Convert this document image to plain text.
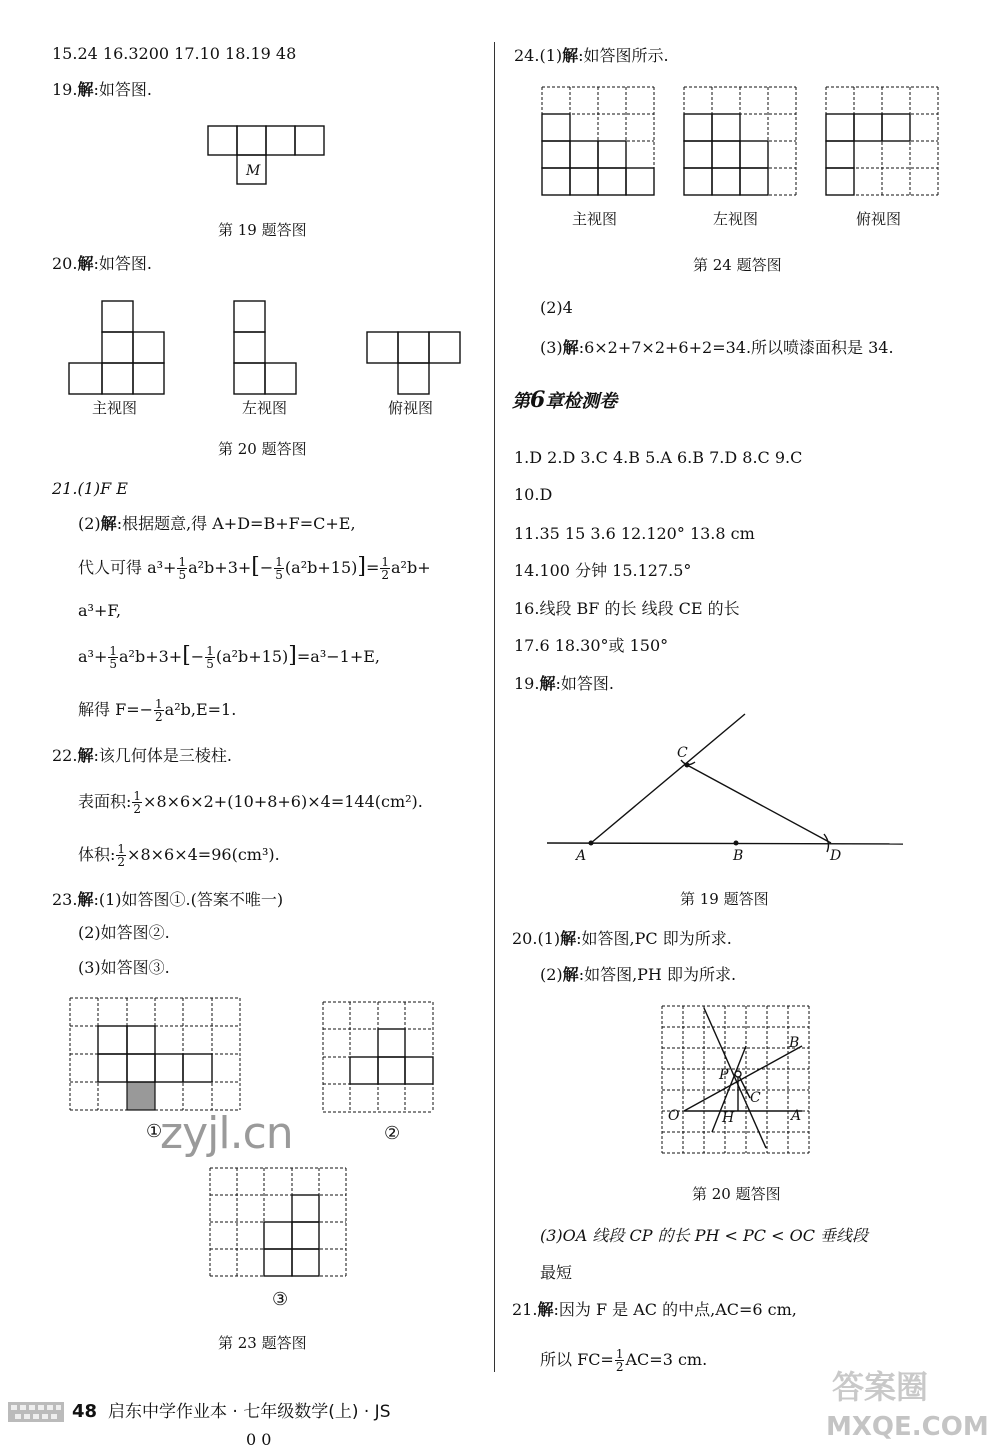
15.24 16.3200 17.10 18.19 48
19.解:如答图.
M
第 19 题答图
20.解:如答图.
主视图	左视图	俯视图
第 20 题答图
21.(1)F E
(2)解:根据题意,得 A+D=B+F=C+E,
代人可得 $a^3+ \frac{1}{5} a^2b+3+[- \frac{1}{5} (a^2b+15)]= \frac{1}{2} a^2b+$
a³+F,
$a^3+ \frac{1}{5} a^2b+3+[- \frac{1}{5} (a^2b+15)]=a^3-1+E$,
解得 $F=- \frac{1}{2} a^2b,E=1$.
22.解:该几何体是三棱柱.
表面积: $\frac{1}{2} \times 8\times 6\times 2+(10+8+6)\times 4=144(cm^2)$.
体积: $\frac{1}{2} \times 8\times 6\times 4=96(cm^3)$.
23.解:(1)如答图①.(答案不唯一)
(2)如答图②.
(3)如答图③.
①	②
③
第 23 题答图
zyjl.cn
24.(1)解:如答图所示.
主视图	左视图	俯视图
第 24 题答图
(2)4
(3)解:6×2+7×2+6+2=34.所以喷漆面积是 34.
第6章检测卷
1.D 2.D 3.C 4.B 5.A 6.B 7.D 8.C 9.C
10.D
11.35 15 3.6 12.120° 13.8 cm
14.100 分钟 15.127.5°
16.线段 BF 的长 线段 CE 的长
17.6 18.30°或 150°
19.解:如答图.
A	B
C
D
第 19 题答图
20.(1)解:如答图,PC 即为所求.
(2)解:如答图,PH 即为所求.
O
P
H
C
B
A
第 20 题答图
(3)OA 线段 CP 的长 PH < PC < OC 垂线段
最短
21.解:因为 F 是 AC 的中点,AC=6 cm,
所以 $FC= \frac{1}{2} AC=3$ cm.
答案圈
MXQE.COM
48 启东中学作业本 · 七年级数学(上) · JS
0 0
